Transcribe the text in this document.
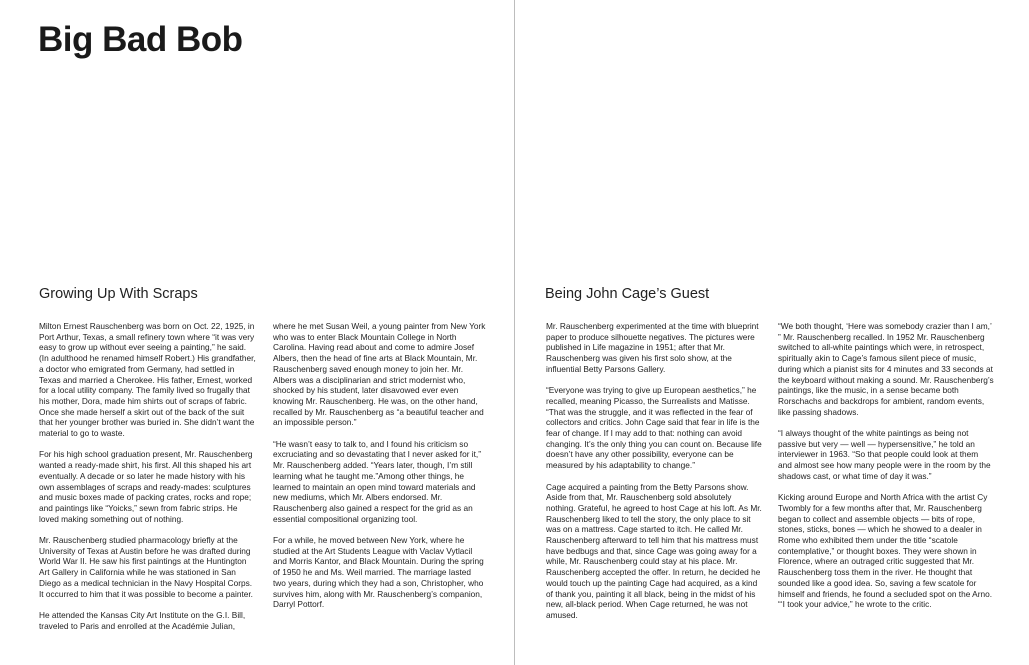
Big Bad Bob
Growing Up With Scraps

Milton Ernest Rauschenberg was born on Oct. 22, 1925, in Port Arthur, Texas, a small refinery town where “it was very easy to grow up without ever seeing a painting,” he said. (In adulthood he renamed himself Robert.) His grandfather, a doctor who emigrated from Germany, had settled in Texas and married a Cherokee. His father, Ernest, worked for a local utility company. The family lived so frugally that his mother, Dora, made him shirts out of scraps of fabric. Once she made herself a skirt out of the back of the suit that her younger brother was buried in. She didn’t want the material to go to waste.

For his high school graduation present, Mr. Rauschenberg wanted a ready-made shirt, his first. All this shaped his art eventually. A decade or so later he made history with his own assemblages of scraps and ready-mades: sculptures and music boxes made of packing crates, rocks and rope; and paintings like “Yoicks,” sewn from fabric strips. He loved making something out of nothing.

Mr. Rauschenberg studied pharmacology briefly at the University of Texas at Austin before he was drafted during World War II. He saw his first paintings at the Huntington Art Gallery in California while he was stationed in San Diego as a medical technician in the Navy Hospital Corps. It occurred to him that it was possible to become a painter.

He attended the Kansas City Art Institute on the G.I. Bill, traveled to Paris and enrolled at the Académie Julian,

where he met Susan Weil, a young painter from New York who was to enter Black Mountain College in North Carolina. Having read about and come to admire Josef Albers, then the head of fine arts at Black Mountain, Mr. Rauschenberg saved enough money to join her. Mr. Albers was a disciplinarian and strict modernist who, shocked by his student, later disavowed ever even knowing Mr. Rauschenberg. He was, on the other hand, recalled by Mr. Rauschenberg as “a beautiful teacher and an impossible person.”

“He wasn’t easy to talk to, and I found his criticism so excruciating and so devastating that I never asked for it,” Mr. Rauschenberg added. “Years later, though, I’m still learning what he taught me.”Among other things, he learned to maintain an open mind toward materials and new mediums, which Mr. Albers endorsed. Mr. Rauschenberg also gained a respect for the grid as an essential compositional organizing tool.

For a while, he moved between New York, where he studied at the Art Students League with Vaclav Vytlacil and Morris Kantor, and Black Mountain. During the spring of 1950 he and Ms. Weil married. The marriage lasted two years, during which they had a son, Christopher, who survives him, along with Mr. Rauschenberg’s companion, Darryl Pottorf.

Being John Cage’s Guest

Mr. Rauschenberg experimented at the time with blueprint paper to produce silhouette negatives. The pictures were published in Life magazine in 1951; after that Mr. Rauschenberg was given his first solo show, at the influential Betty Parsons Gallery.

“Everyone was trying to give up European aesthetics,” he recalled, meaning Picasso, the Surrealists and Matisse. “That was the struggle, and it was reflected in the fear of collectors and critics. John Cage said that fear in life is the fear of change. If I may add to that: nothing can avoid changing. It’s the only thing you can count on. Because life doesn’t have any other possibility, everyone can be measured by his adaptability to change.”

Cage acquired a painting from the Betty Parsons show. Aside from that, Mr. Rauschenberg sold absolutely nothing. Grateful, he agreed to host Cage at his loft. As Mr. Rauschenberg liked to tell the story, the only place to sit was on a mattress. Cage started to itch. He called Mr. Rauschenberg afterward to tell him that his mattress must have bedbugs and that, since Cage was going away for a while, Mr. Rauschenberg could stay at his place. Mr. Rauschenberg accepted the offer. In return, he decided he would touch up the painting Cage had acquired, as a kind of thank you, painting it all black, being in the midst of his new, all-black period. When Cage returned, he was not amused.

“We both thought, ‘Here was somebody crazier than I am,’ ” Mr. Rauschenberg recalled. In 1952 Mr. Rauschenberg switched to all-white paintings which were, in retrospect, spiritually akin to Cage’s famous silent piece of music, during which a pianist sits for 4 minutes and 33 seconds at the keyboard without making a sound. Mr. Rauschenberg’s paintings, like the music, in a sense became both Rorschachs and backdrops for ambient, random events, like passing shadows.

“I always thought of the white paintings as being not passive but very — well — hypersensitive,” he told an interviewer in 1963. “So that people could look at them and almost see how many people were in the room by the shadows cast, or what time of day it was.”

Kicking around Europe and North Africa with the artist Cy Twombly for a few months after that, Mr. Rauschenberg began to collect and assemble objects — bits of rope, stones, sticks, bones — which he showed to a dealer in Rome who exhibited them under the title “scatole contemplative,” or thought boxes. They were shown in Florence, where an outraged critic suggested that Mr. Rauschenberg toss them in the river. He thought that sounded like a good idea. So, saving a few scatole for himself and friends, he found a secluded spot on the Arno. “‘I took your advice,” he wrote to the critic.
